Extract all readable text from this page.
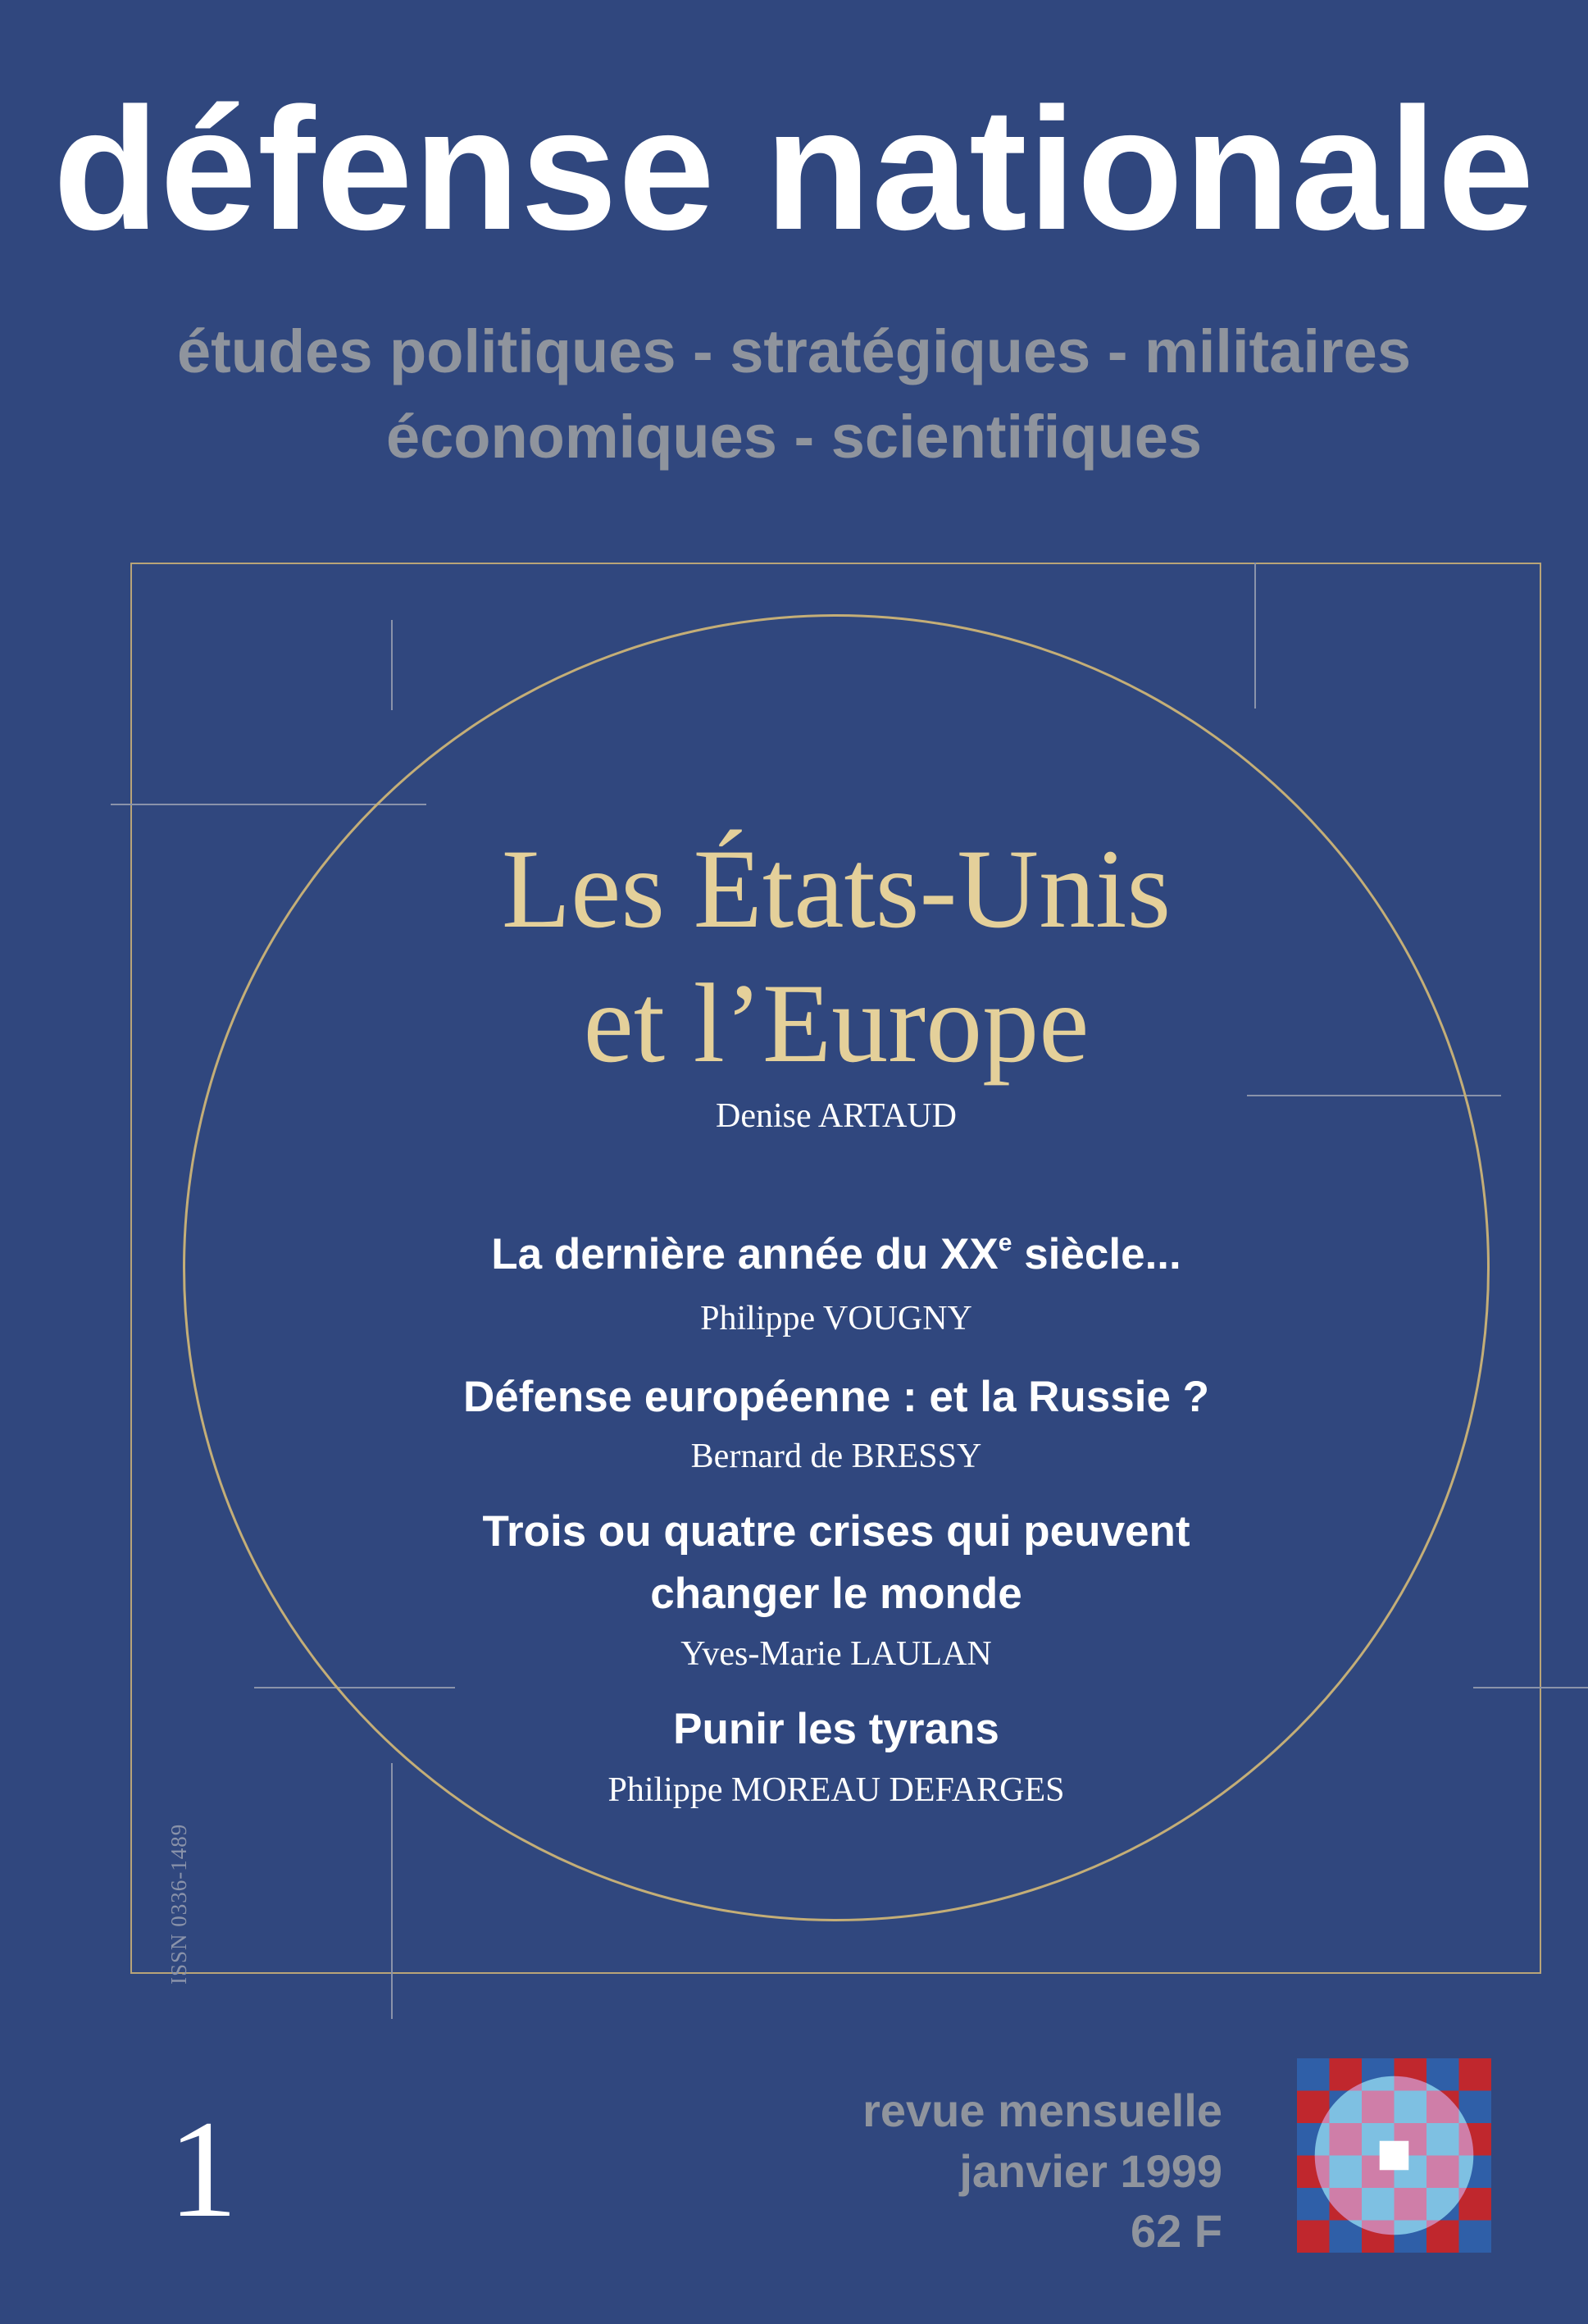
défense nationale
études politiques - stratégiques - militaires
économiques - scientifiques
Les États-Unis
et l’Europe
Denise ARTAUD
La dernière année du XXe siècle...
Philippe VOUGNY
Défense européenne : et la Russie ?
Bernard de BRESSY
Trois ou quatre crises qui peuvent
changer le monde
Yves-Marie LAULAN
Punir les tyrans
Philippe MOREAU DEFARGES
ISSN 0336-1489
1	revue mensuelle
janvier 1999
62 F
